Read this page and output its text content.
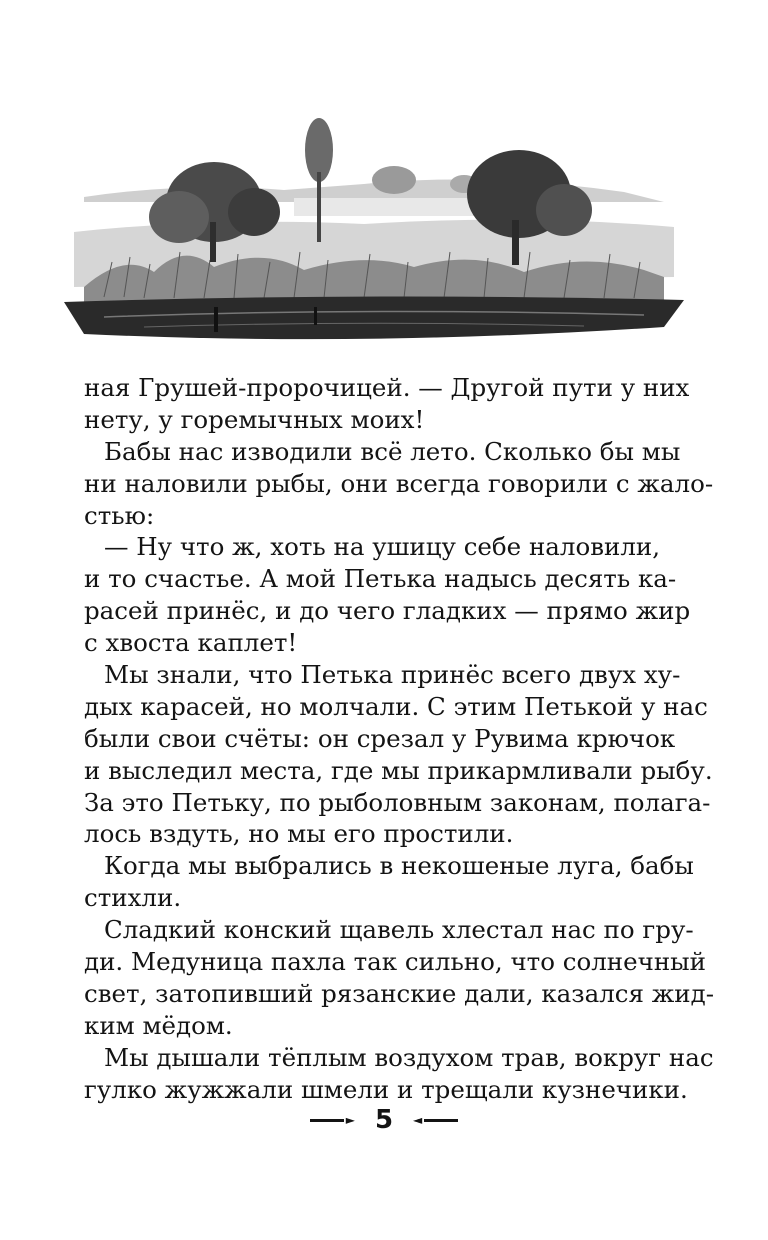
ная Грушей-пророчицей. — Другой пути у них
нету, у горемычных моих!
Бабы нас изводили всё лето. Сколько бы мы
ни наловили рыбы, они всегда говорили с жало-
стью:
— Ну что ж, хоть на ушицу себе наловили,
и то счастье. А мой Петька надысь десять ка-
расей принёс, и до чего гладких — прямо жир
с хвоста каплет!
Мы знали, что Петька принёс всего двух ху-
дых карасей, но молчали. С этим Петькой у нас
были свои счёты: он срезал у Рувима крючок
и выследил места, где мы прикармливали рыбу.
За это Петьку, по рыболовным законам, полага-
лось вздуть, но мы его простили.
Когда мы выбрались в некошеные луга, бабы
стихли.
Сладкий конский щавель хлестал нас по гру-
ди. Медуница пахла так сильно, что солнечный
свет, затопивший рязанские дали, казался жид-
ким мёдом.
Мы дышали тёплым воздухом трав, вокруг нас
гулко жужжали шмели и трещали кузнечики.
► 5	◄
